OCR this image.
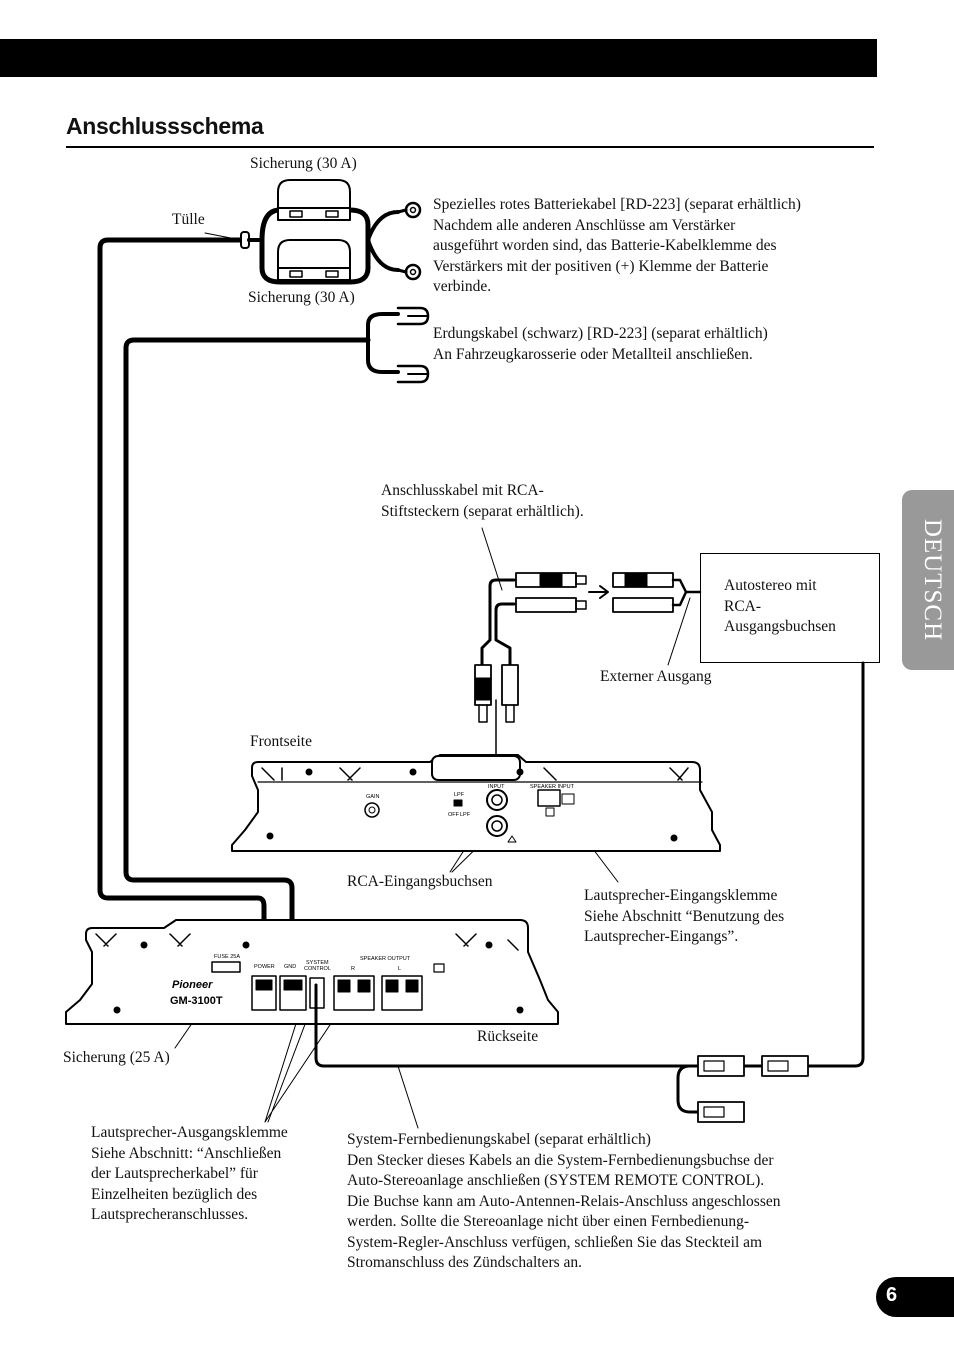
Anschlussschema
DEUTSCH
6
GAIN	LPF
OFF LPF
INPUT	SPEAKER INPUT
FUSE 25A
POWER GND
SYSTEM
CONTROL
SPEAKER OUTPUT
R	L
Pioneer
GM-3100T
Sicherung (30 A)
Tülle
Sicherung (30 A)
Spezielles rotes Batteriekabel [RD-223] (separat erhältlich)
Nachdem alle anderen Anschlüsse am Verstärker
ausgeführt worden sind, das Batterie-Kabelklemme des
Verstärkers mit der positiven (+) Klemme der Batterie
verbinde.
Erdungskabel (schwarz) [RD-223] (separat erhältlich)
An Fahrzeugkarosserie oder Metallteil anschließen.
Anschlusskabel mit RCA-
Stiftsteckern (separat erhältlich).
Autostereo mit
RCA-
Ausgangsbuchsen
Externer Ausgang
Frontseite
RCA-Eingangsbuchsen
Lautsprecher-Eingangsklemme
Siehe Abschnitt “Benutzung des
Lautsprecher-Eingangs”.
Rückseite
Sicherung (25 A)
Lautsprecher-Ausgangsklemme
Siehe Abschnitt: “Anschließen
der Lautsprecherkabel” für
Einzelheiten bezüglich des
Lautsprecheranschlusses.
System-Fernbedienungskabel (separat erhältlich)
Den Stecker dieses Kabels an die System-Fernbedienungsbuchse der
Auto-Stereoanlage anschließen (SYSTEM REMOTE CONTROL).
Die Buchse kann am Auto-Antennen-Relais-Anschluss angeschlossen
werden. Sollte die Stereoanlage nicht über einen Fernbedienung-
System-Regler-Anschluss verfügen, schließen Sie das Steckteil am
Stromanschluss des Zündschalters an.
